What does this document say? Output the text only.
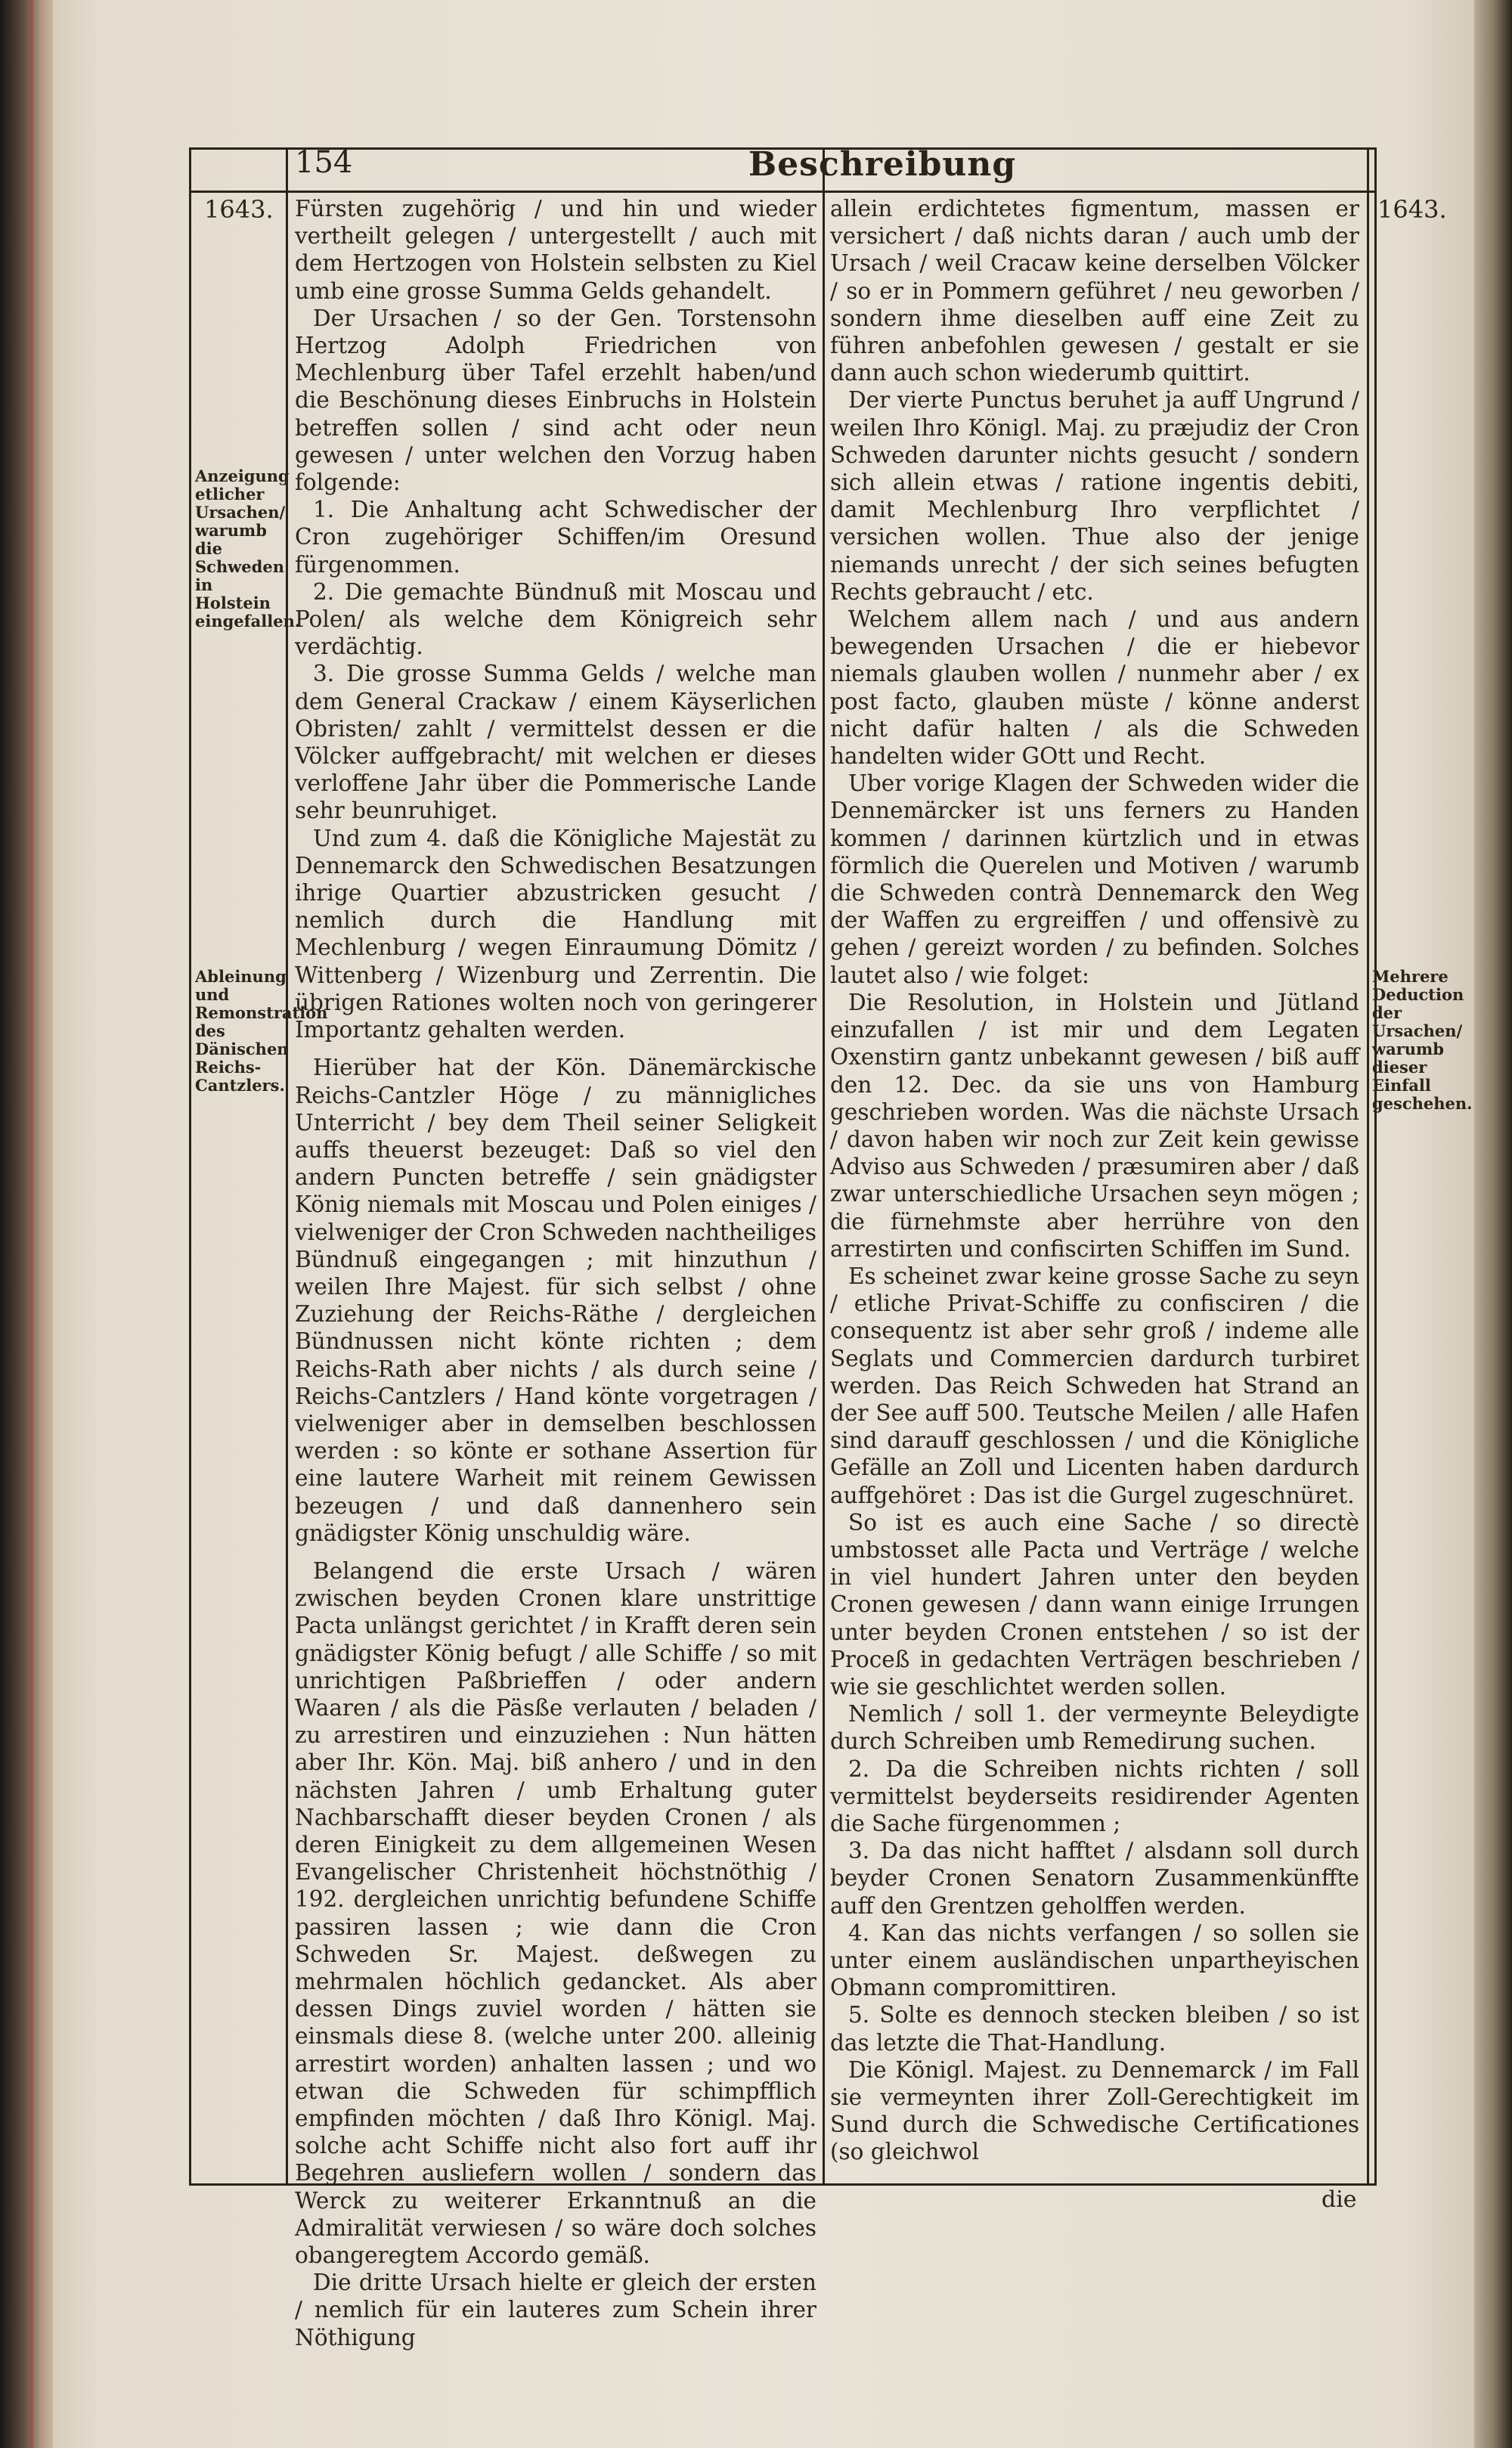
154	Beschreibung
1643.	1643.
Anzeigung etlicher Ursachen/ warumb die Schweden in Holstein eingefallen.
Ableinung und Remonstration des Dänischen Reichs-Cantzlers.
Mehrere Deduction der Ursachen/ warumb dieser Einfall geschehen.

Fürsten zugehörig / und hin und wieder vertheilt gelegen / untergestellt / auch mit dem Hertzogen von Holstein selbsten zu Kiel umb eine grosse Summa Gelds gehandelt.

Der Ursachen / so der Gen. Torstensohn Hertzog Adolph Friedrichen von Mechlenburg über Tafel erzehlt haben/und die Beschönung dieses Einbruchs in Holstein betreffen sollen / sind acht oder neun gewesen / unter welchen den Vorzug haben folgende:

1. Die Anhaltung acht Schwedischer der Cron zugehöriger Schiffen/im Oresund fürgenommen.

2. Die gemachte Bündnuß mit Moscau und Polen/ als welche dem Königreich sehr verdächtig.

3. Die grosse Summa Gelds / welche man dem General Crackaw / einem Käyserlichen Obristen/ zahlt / vermittelst dessen er die Völcker auffgebracht/ mit welchen er dieses verloffene Jahr über die Pommerische Lande sehr beunruhiget.

Und zum 4. daß die Königliche Majestät zu Dennemarck den Schwedischen Besatzungen ihrige Quartier abzustricken gesucht / nemlich durch die Handlung mit Mechlenburg / wegen Einraumung Dömitz / Wittenberg / Wizenburg und Zerrentin. Die übrigen Rationes wolten noch von geringerer Importantz gehalten werden.

Hierüber hat der Kön. Dänemärckische Reichs-Cantzler Höge / zu männigliches Unterricht / bey dem Theil seiner Seligkeit auffs theuerst bezeuget: Daß so viel den andern Puncten betreffe / sein gnädigster König niemals mit Moscau und Polen einiges / vielweniger der Cron Schweden nachtheiliges Bündnuß eingegangen ; mit hinzuthun / weilen Ihre Majest. für sich selbst / ohne Zuziehung der Reichs-Räthe / dergleichen Bündnussen nicht könte richten ; dem Reichs-Rath aber nichts / als durch seine / Reichs-Cantzlers / Hand könte vorgetragen / vielweniger aber in demselben beschlossen werden : so könte er sothane Assertion für eine lautere Warheit mit reinem Gewissen bezeugen / und daß dannenhero sein gnädigster König unschuldig wäre.

Belangend die erste Ursach / wären zwischen beyden Cronen klare unstrittige Pacta unlängst gerichtet / in Krafft deren sein gnädigster König befugt / alle Schiffe / so mit unrichtigen Paßbrieffen / oder andern Waaren / als die Päsße verlauten / beladen / zu arrestiren und einzuziehen : Nun hätten aber Ihr. Kön. Maj. biß anhero / und in den nächsten Jahren / umb Erhaltung guter Nachbarschafft dieser beyden Cronen / als deren Einigkeit zu dem allgemeinen Wesen Evangelischer Christenheit höchstnöthig / 192. dergleichen unrichtig befundene Schiffe passiren lassen ; wie dann die Cron Schweden Sr. Majest. deßwegen zu mehrmalen höchlich gedancket. Als aber dessen Dings zuviel worden / hätten sie einsmals diese 8. (welche unter 200. alleinig arrestirt worden) anhalten lassen ; und wo etwan die Schweden für schimpfflich empfinden möchten / daß Ihro Königl. Maj. solche acht Schiffe nicht also fort auff ihr Begehren ausliefern wollen / sondern das Werck zu weiterer Erkanntnuß an die Admiralität verwiesen / so wäre doch solches obangeregtem Accordo gemäß.

Die dritte Ursach hielte er gleich der ersten / nemlich für ein lauteres zum Schein ihrer Nöthigung

allein erdichtetes figmentum, massen er versichert / daß nichts daran / auch umb der Ursach / weil Cracaw keine derselben Völcker / so er in Pommern geführet / neu geworben / sondern ihme dieselben auff eine Zeit zu führen anbefohlen gewesen / gestalt er sie dann auch schon wiederumb quittirt.

Der vierte Punctus beruhet ja auff Ungrund / weilen Ihro Königl. Maj. zu præjudiz der Cron Schweden darunter nichts gesucht / sondern sich allein etwas / ratione ingentis debiti, damit Mechlenburg Ihro verpflichtet / versichen wollen. Thue also der jenige niemands unrecht / der sich seines befugten Rechts gebraucht / etc.

Welchem allem nach / und aus andern bewegenden Ursachen / die er hiebevor niemals glauben wollen / nunmehr aber / ex post facto, glauben müste / könne anderst nicht dafür halten / als die Schweden handelten wider GOtt und Recht.

Uber vorige Klagen der Schweden wider die Dennemärcker ist uns ferners zu Handen kommen / darinnen kürtzlich und in etwas förmlich die Querelen und Motiven / warumb die Schweden contrà Dennemarck den Weg der Waffen zu ergreiffen / und offensivè zu gehen / gereizt worden / zu befinden. Solches lautet also / wie folget:

Die Resolution, in Holstein und Jütland einzufallen / ist mir und dem Legaten Oxenstirn gantz unbekannt gewesen / biß auff den 12. Dec. da sie uns von Hamburg geschrieben worden. Was die nächste Ursach / davon haben wir noch zur Zeit kein gewisse Adviso aus Schweden / præsumiren aber / daß zwar unterschiedliche Ursachen seyn mögen ; die fürnehmste aber herrühre von den arrestirten und confiscirten Schiffen im Sund.

Es scheinet zwar keine grosse Sache zu seyn / etliche Privat-Schiffe zu confisciren / die consequentz ist aber sehr groß / indeme alle Seglats und Commercien dardurch turbiret werden. Das Reich Schweden hat Strand an der See auff 500. Teutsche Meilen / alle Hafen sind darauff geschlossen / und die Königliche Gefälle an Zoll und Licenten haben dardurch auffgehöret : Das ist die Gurgel zugeschnüret.

So ist es auch eine Sache / so directè umbstosset alle Pacta und Verträge / welche in viel hundert Jahren unter den beyden Cronen gewesen / dann wann einige Irrungen unter beyden Cronen entstehen / so ist der Proceß in gedachten Verträgen beschrieben / wie sie geschlichtet werden sollen.

Nemlich / soll 1. der vermeynte Beleydigte durch Schreiben umb Remedirung suchen.

2. Da die Schreiben nichts richten / soll vermittelst beyderseits residirender Agenten die Sache fürgenommen ;

3. Da das nicht hafftet / alsdann soll durch beyder Cronen Senatorn Zusammenkünffte auff den Grentzen geholffen werden.

4. Kan das nichts verfangen / so sollen sie unter einem ausländischen unpartheyischen Obmann compromittiren.

5. Solte es dennoch stecken bleiben / so ist das letzte die That-Handlung.

Die Königl. Majest. zu Dennemarck / im Fall sie vermeynten ihrer Zoll-Gerechtigkeit im Sund durch die Schwedische Certificationes (so gleichwol

die
